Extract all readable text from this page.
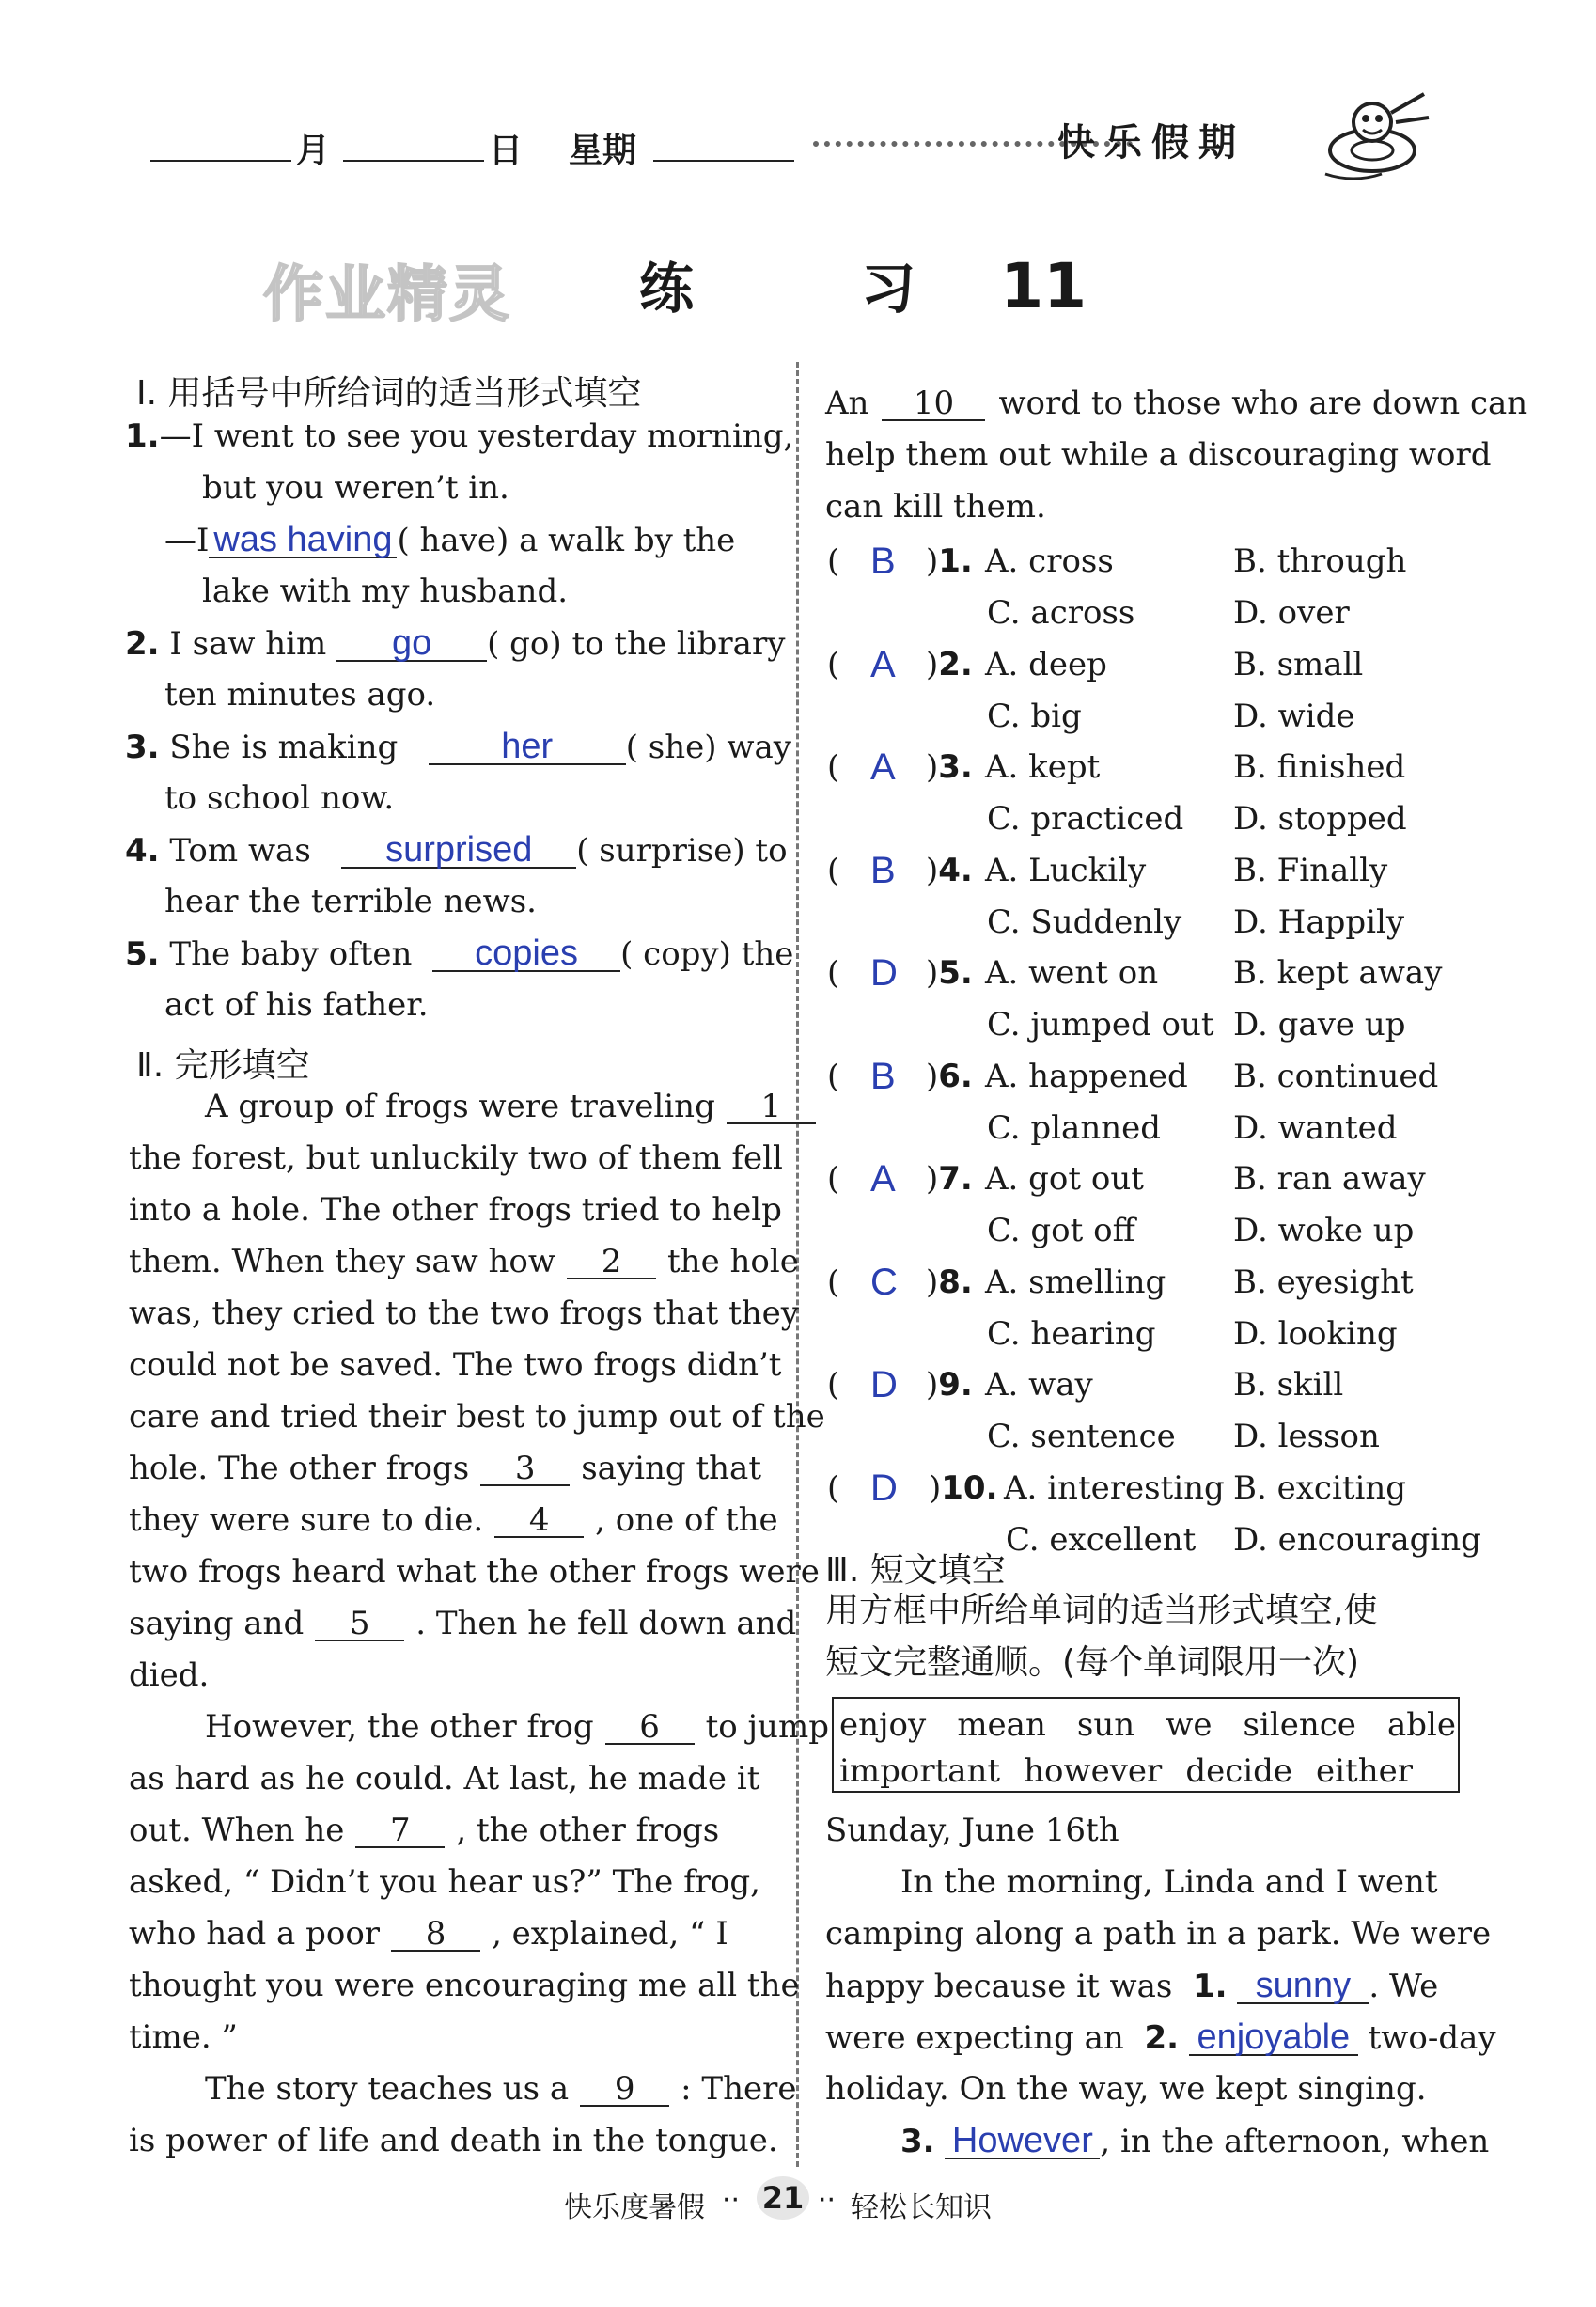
月	日 星期	快乐假期
作业精灵 练　习 11
Ⅰ. 用括号中所给词的适当形式填空
1.—I went to see you yesterday morning,
but you weren’t in.
—I was having ( have) a walk by the
lake with my husband.
2. I saw him go ( go) to the library
ten minutes ago.
3. She is making	her ( she) way
to school now.
4. Tom was surprised ( surprise) to
hear the terrible news.
5. The baby often copies ( copy) the
act of his father.
Ⅱ. 完形填空
A group of frogs were traveling 1
the forest, but unluckily two of them fell
into a hole. The other frogs tried to help
them. When they saw how 2 the hole
was, they cried to the two frogs that they
could not be saved. The two frogs didn’t
care and tried their best to jump out of the
hole. The other frogs 3 saying that
they were sure to die. 4 , one of the
two frogs heard what the other frogs were
saying and 5 . Then he fell down and
died.
However, the other frog 6 to jump
as hard as he could. At last, he made it
out. When he 7 , the other frogs
asked, “ Didn’t you hear us?” The frog,
who had a poor 8 , explained, “ I
thought you were encouraging me all the
time. ”
The story teaches us a 9 : There
is power of life and death in the tongue.
An 10 word to those who are down can
help them out while a discouraging word
can kill them.
( B )1. A. cross	B. through
C. across	D. over
( A )2. A. deep	B. small
C. big	D. wide
( A )3. A. kept	B. finished
C. practiced D. stopped
( B )4. A. Luckily	B. Finally
C. Suddenly D. Happily
( D )5. A. went on B. kept away
C. jumped out D. gave up
( B )6. A. happened B. continued
C. planned D. wanted
( A )7. A. got out	B. ran away
C. got off	D. woke up
( C )8. A. smelling B. eyesight
C. hearing D. looking
( D )9. A. way	B. skill
C. sentence D. lesson
( D )10. A. interesting B. exciting
C. excellent D. encouraging
Ⅲ. 短文填空
用方框中所给单词的适当形式填空,使
短文完整通顺。(每个单词限用一次)
enjoy mean sun we silence able
important however decide either
Sunday, June 16th
In the morning, Linda and I went
camping along a path in a park. We were
happy because it was 1. sunny . We
were expecting an 2. enjoyable two-day
holiday. On the way, we kept singing.
3. However , in the afternoon, when
快乐度暑假 ·· 21 ·· 轻松长知识
